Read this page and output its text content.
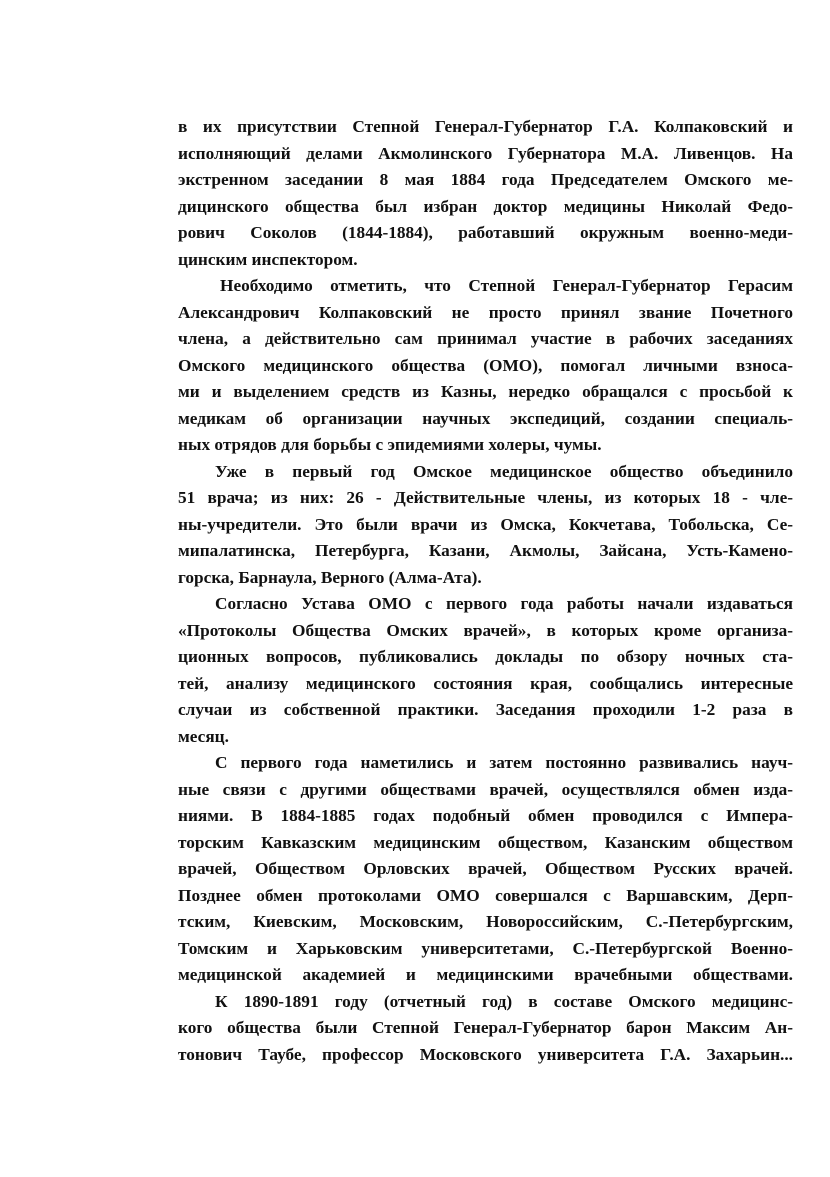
в их присутствии Степной Генерал-Губернатор Г.А. Колпаковский и
исполняющий делами Акмолинского Губернатора М.А. Ливенцов. На
экстренном заседании 8 мая 1884 года Председателем Омского ме-
дицинского общества был избран доктор медицины Николай Федо-
рович Соколов (1844-1884), работавший окружным военно-меди-
цинским инспектором.
Необходимо отметить, что Степной Генерал-Губернатор Герасим
Александрович Колпаковский не просто принял звание Почетного
члена, а действительно сам принимал участие в рабочих заседаниях
Омского медицинского общества (ОМО), помогал личными взноса-
ми и выделением средств из Казны, нередко обращался с просьбой к
медикам об организации научных экспедиций, создании специаль-
ных отрядов для борьбы с эпидемиями холеры, чумы.
Уже в первый год Омское медицинское общество объединило
51 врача; из них: 26 - Действительные члены, из которых 18 - чле-
ны-учредители. Это были врачи из Омска, Кокчетава, Тобольска, Се-
мипалатинска, Петербурга, Казани, Акмолы, Зайсана, Усть-Камено-
горска, Барнаула, Верного (Алма-Ата).
Согласно Устава ОМО с первого года работы начали издаваться
«Протоколы Общества Омских врачей», в которых кроме организа-
ционных вопросов, публиковались доклады по обзору ночных ста-
тей, анализу медицинского состояния края, сообщались интересные
случаи из собственной практики. Заседания проходили 1-2 раза в
месяц.
С первого года наметились и затем постоянно развивались науч-
ные связи с другими обществами врачей, осуществлялся обмен изда-
ниями. В 1884-1885 годах подобный обмен проводился с Импера-
торским Кавказским медицинским обществом, Казанским обществом
врачей, Обществом Орловских врачей, Обществом Русских врачей.
Позднее обмен протоколами ОМО совершался с Варшавским, Дерп-
тским, Киевским, Московским, Новороссийским, С.-Петербургским,
Томским и Харьковским университетами, С.-Петербургской Военно-
медицинской академией и медицинскими врачебными обществами.
К 1890-1891 году (отчетный год) в составе Омского медицинс-
кого общества были Степной Генерал-Губернатор барон Максим Ан-
тонович Таубе, профессор Московского университета Г.А. Захарьин...
